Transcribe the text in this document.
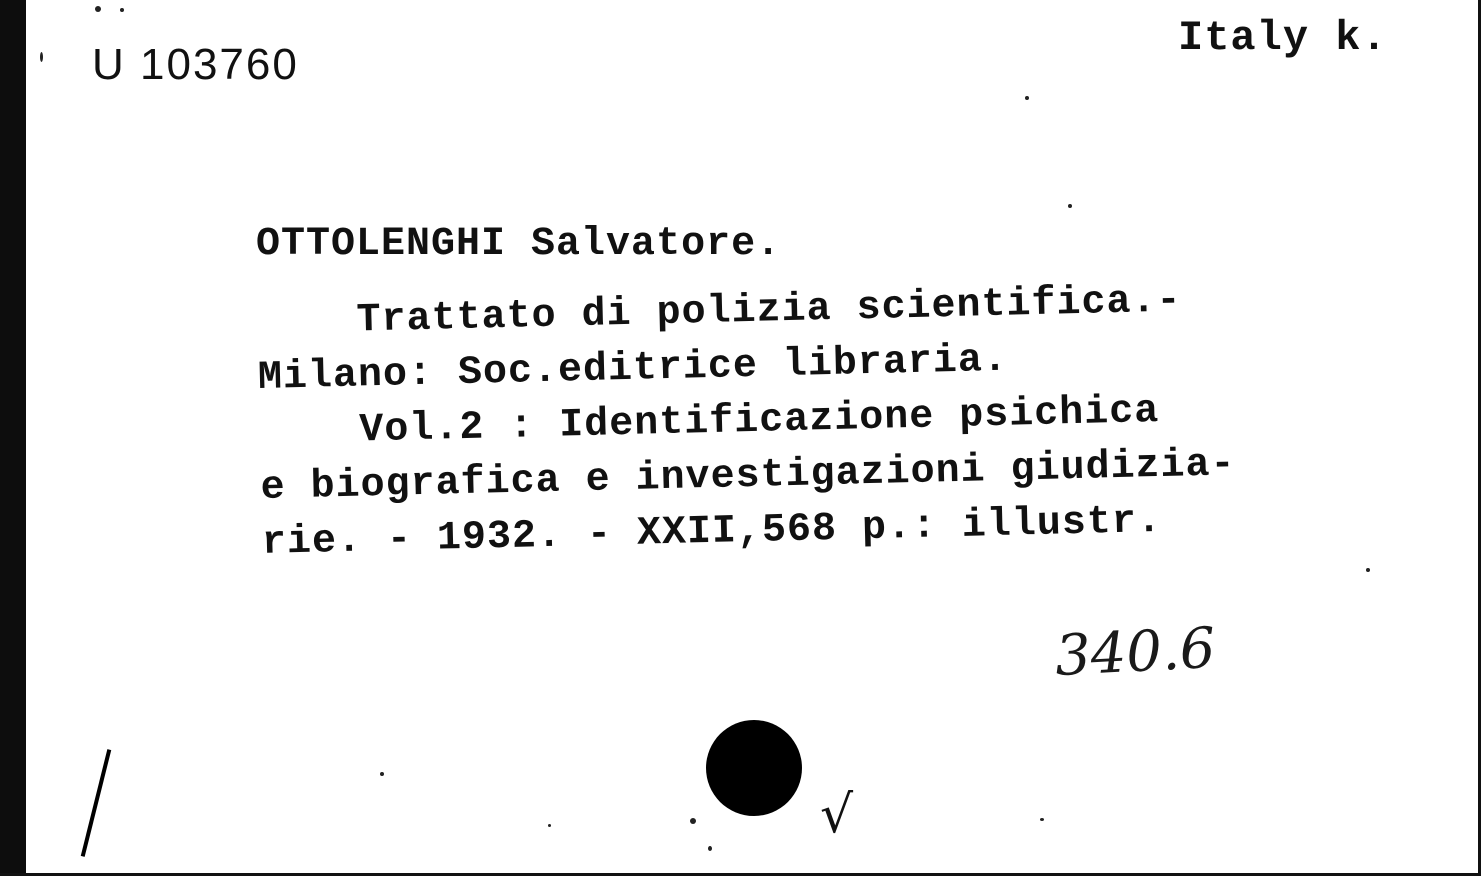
U 103760

Italy k.

OTTOLENGHI Salvatore.

Trattato di polizia scientifica.-

Milano: Soc.editrice libraria.

Vol.2 : Identificazione psichica

e biografica e investigazioni giudizia-

rie. - 1932. - XXII,568 p.: illustr.

340.6

√
